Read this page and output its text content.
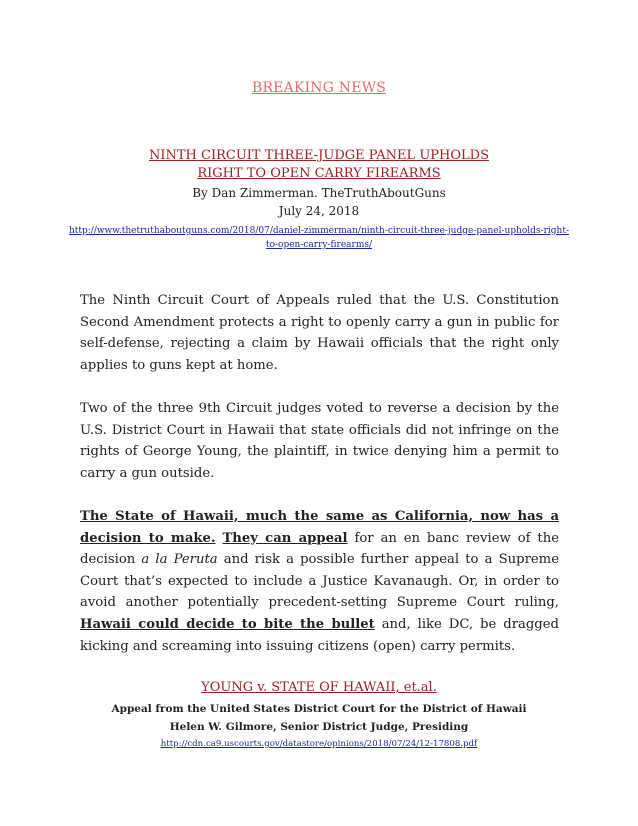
BREAKING NEWS
NINTH CIRCUIT THREE-JUDGE PANEL UPHOLDS
RIGHT TO OPEN CARRY FIREARMS
By Dan Zimmerman. TheTruthAboutGuns
July 24, 2018
http://www.thetruthaboutguns.com/2018/07/daniel-zimmerman/ninth-circuit-three-judge-panel-upholds-right-
to-open-carry-firearms/

The Ninth Circuit Court of Appeals ruled that the U.S. Constitution Second Amendment protects a right to openly carry a gun in public for self-defense, rejecting a claim by Hawaii officials that the right only applies to guns kept at home.

Two of the three 9th Circuit judges voted to reverse a decision by the U.S. District Court in Hawaii that state officials did not infringe on the rights of George Young, the plaintiff, in twice denying him a permit to carry a gun outside.

The State of Hawaii, much the same as California, now has a decision to make. They can appeal for an en banc review of the decision a la Peruta and risk a possible further appeal to a Supreme Court that’s expected to include a Justice Kavanaugh. Or, in order to avoid another potentially precedent-setting Supreme Court ruling, Hawaii could decide to bite the bullet and, like DC, be dragged kicking and screaming into issuing citizens (open) carry permits.

YOUNG v. STATE OF HAWAII, et.al.
Appeal from the United States District Court for the District of Hawaii
Helen W. Gilmore, Senior District Judge, Presiding
http://cdn.ca9.uscourts.gov/datastore/opinions/2018/07/24/12-17808.pdf
